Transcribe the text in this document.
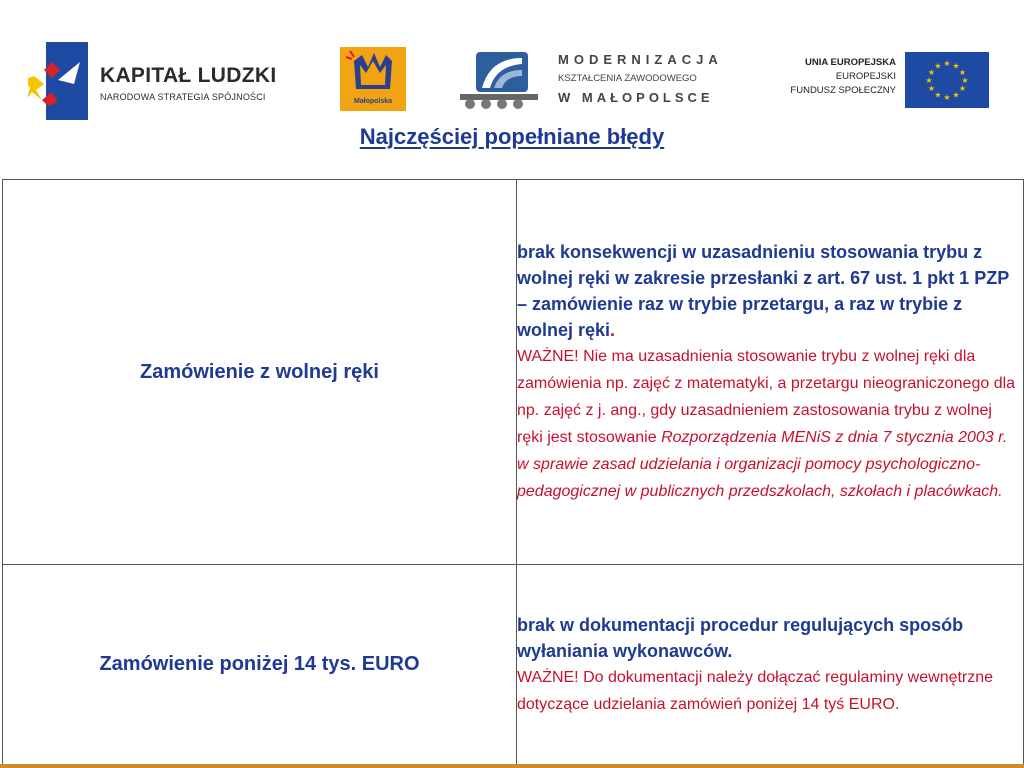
KAPITAŁ LUDZKI
NARODOWA STRATEGIA SPÓJNOŚCI	Małopolska
MODERNIZACJA
KSZTAŁCENIA ZAWODOWEGO
W MAŁOPOLSCE
UNIA EUROPEJSKA
EUROPEJSKI
FUNDUSZ SPOŁECZNY
★ ★
★
★
★
★
★
★
★
★
★
★
Najczęściej popełniane błędy
Zamówienie z wolnej ręki	brak konsekwencji w uzasadnieniu stosowania trybu z wolnej ręki w zakresie przesłanki z art. 67 ust. 1 pkt 1 PZP – zamówienie raz w trybie przetargu, a raz w trybie z wolnej ręki.
WAŻNE! Nie ma uzasadnienia stosowanie trybu z wolnej ręki dla zamówienia np. zajęć z matematyki, a przetargu nieograniczonego dla np. zajęć z j. ang., gdy uzasadnieniem zastosowania trybu z wolnej ręki jest stosowanie Rozporządzenia MENiS z dnia 7 stycznia 2003 r. w sprawie zasad udzielania i organizacji pomocy psychologiczno-pedagogicznej w publicznych przedszkolach, szkołach i placówkach.

Zamówienie poniżej 14 tys. EURO	brak w dokumentacji procedur regulujących sposób wyłaniania wykonawców.
WAŻNE! Do dokumentacji należy dołączać regulaminy wewnętrzne dotyczące udzielania zamówień poniżej 14 tyś EURO.
